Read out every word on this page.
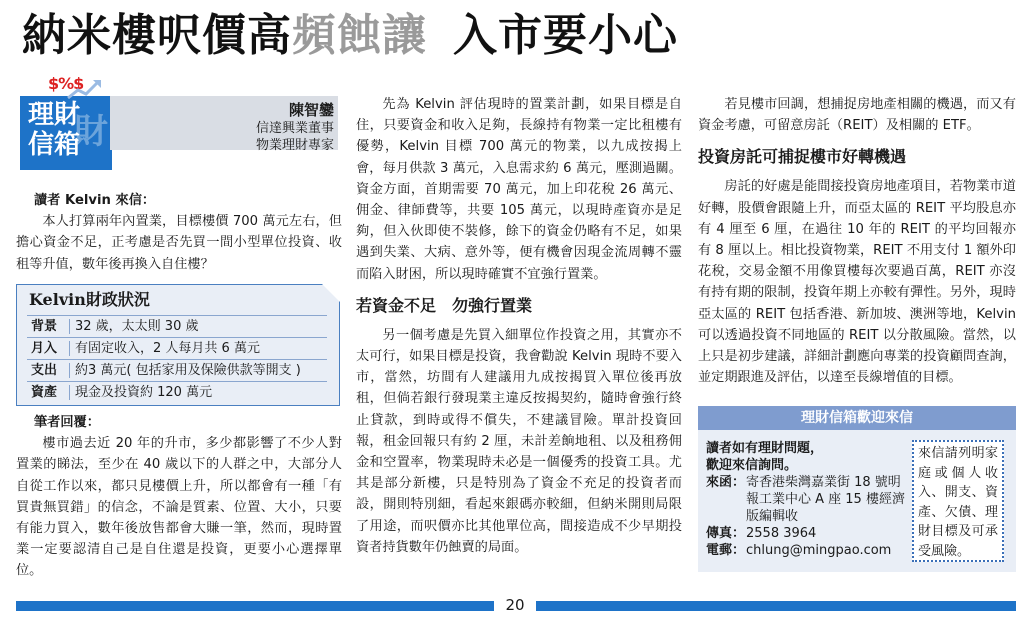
納米樓呎價高頻蝕讓 入市要小心
財
理財
信箱
$%$
陳智鑾
信達興業董事
物業理財專家

讀者 Kelvin 來信：

本人打算兩年內置業，目標樓價 700 萬元左右，但擔心資金不足，正考慮是否先買一間小型單位投資、收租等升值，數年後再換入自住樓？

Kelvin財政狀況
背景	32 歲，太太則 30 歲
月入	有固定收入，2 人每月共 6 萬元
支出	約3 萬元( 包括家用及保險供款等開支 )
資產	現金及投資約 120 萬元

筆者回覆：

樓市過去近 20 年的升市，多少都影響了不少人對置業的睇法，至少在 40 歲以下的人群之中，大部分人自從工作以來，都只見樓價上升，所以都會有一種「有買貴無買錯」的信念，不論是質素、位置、大小，只要有能力買入，數年後放售都會大賺一筆，然而，現時置業一定要認清自己是自住還是投資，更要小心選擇單位。

先為 Kelvin 評估現時的置業計劃，如果目標是自住，只要資金和收入足夠，長線持有物業一定比租樓有優勢，Kelvin 目標 700 萬元的物業，以九成按揭上會，每月供款 3 萬元，入息需求約 6 萬元，壓測過關。資金方面，首期需要 70 萬元，加上印花稅 26 萬元、佣金、律師費等，共要 105 萬元，以現時產資亦是足夠，但入伙即使不裝修，餘下的資金仍略有不足，如果遇到失業、大病、意外等，便有機會因現金流周轉不靈而陷入財困，所以現時確實不宜強行置業。

若資金不足　勿強行置業

另一個考慮是先買入細單位作投資之用，其實亦不太可行，如果目標是投資，我會勸說 Kelvin 現時不要入市，當然，坊間有人建議用九成按揭買入單位後再放租，但倘若銀行發現業主違反按揭契約，隨時會強行終止貸款，到時或得不償失，不建議冒險。單計投資回報，租金回報只有約 2 厘，未計差餉地租、以及租務佣金和空置率，物業現時未必是一個優秀的投資工具。尤其是部分新樓，只是特別為了資金不充足的投資者而設，開則特別細，看起來銀碼亦較細，但納米開則局限了用途，而呎價亦比其他單位高，間接造成不少早期投資者持貨數年仍蝕賣的局面。

若見樓市回調，想捕捉房地產相關的機遇，而又有資金考慮，可留意房託（REIT）及相關的 ETF。

投資房託可捕捉樓市好轉機遇

房託的好處是能間接投資房地產項目，若物業市道好轉，股價會跟隨上升，而亞太區的 REIT 平均股息亦有 4 厘至 6 厘，在過往 10 年的 REIT 的平均回報亦有 8 厘以上。相比投資物業，REIT 不用支付 1 額外印花稅，交易金額不用像買樓每次要過百萬，REIT 亦沒有持有期的限制，投資年期上亦較有彈性。另外，現時亞太區的 REIT 包括香港、新加坡、澳洲等地，Kelvin 可以透過投資不同地區的 REIT 以分散風險。當然，以上只是初步建議，詳細計劃應向專業的投資顧問查詢，並定期跟進及評估，以達至長線增值的目標。

理財信箱歡迎來信
讀者如有理財問題，
歡迎來信詢問。
來函： 寄香港柴灣嘉業街 18 號明報工業中心 A 座 15 樓經濟版編輯收
傳真： 2558 3964
電郵： chlung@mingpao.com
來信請列明家庭或個人收入、開支、資產、欠債、理財目標及可承受風險。
20
